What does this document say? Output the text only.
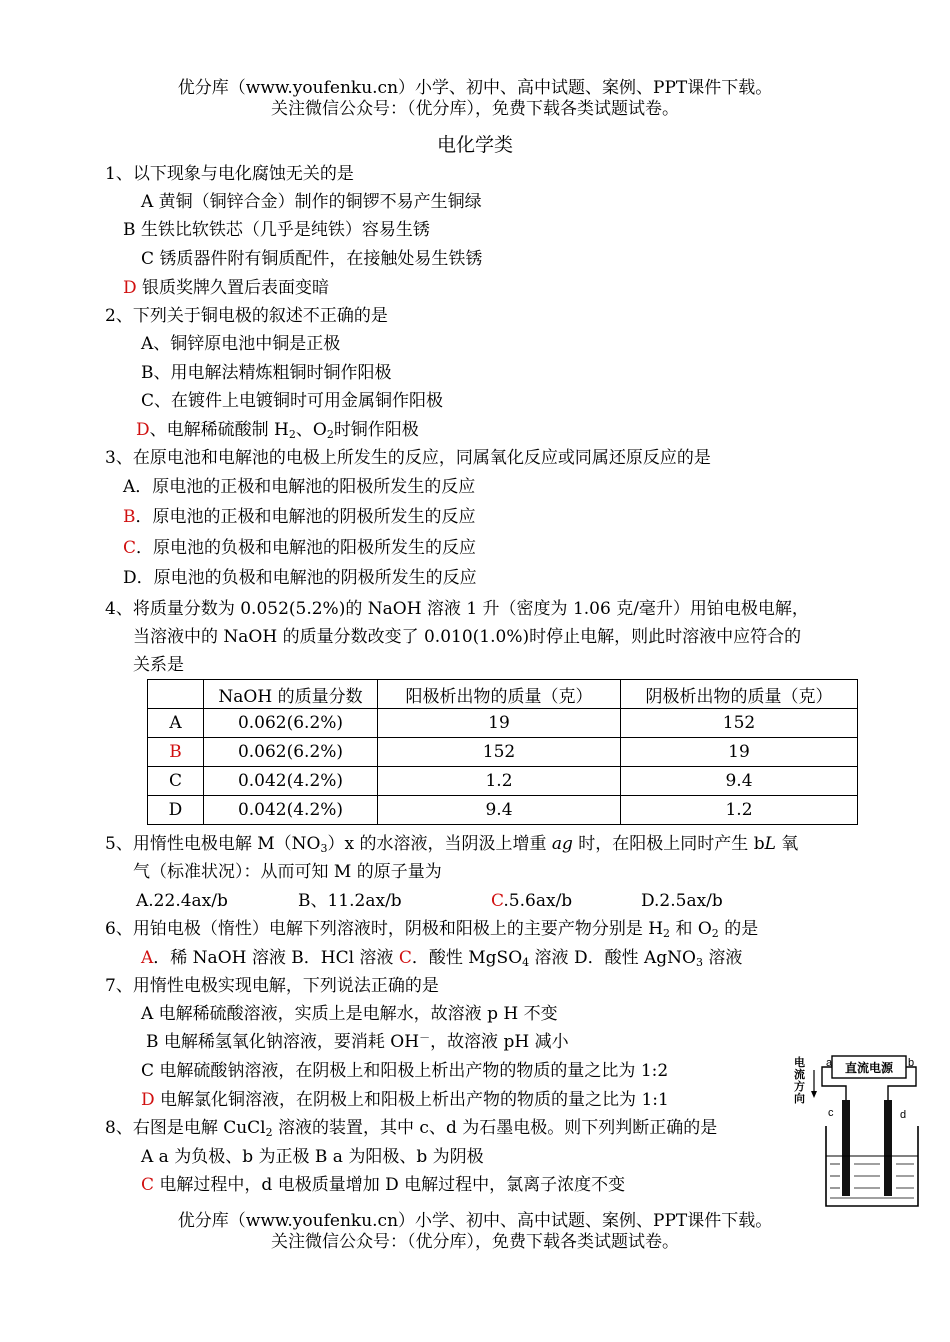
优分库（www.youfenku.cn）小学、初中、高中试题、案例、PPT课件下载。
关注微信公众号：（优分库），免费下载各类试题试卷。
电化学类
1、以下现象与电化腐蚀无关的是
A 黄铜（铜锌合金）制作的铜锣不易产生铜绿
B 生铁比软铁芯（几乎是纯铁）容易生锈
C 锈质器件附有铜质配件，在接触处易生铁锈
D 银质奖牌久置后表面变暗
2、下列关于铜电极的叙述不正确的是
A、铜锌原电池中铜是正极
B、用电解法精炼粗铜时铜作阳极
C、在镀件上电镀铜时可用金属铜作阳极
D、电解稀硫酸制 $H_2$、$O_2$时铜作阳极
3、在原电池和电解池的电极上所发生的反应，同属氧化反应或同属还原反应的是
A．原电池的正极和电解池的阳极所发生的反应
B．原电池的正极和电解池的阴极所发生的反应
C．原电池的负极和电解池的阳极所发生的反应
D．原电池的负极和电解池的阴极所发生的反应
4、将质量分数为 0.052(5.2%)的 NaOH 溶液 1 升（密度为 1.06 克/毫升）用铂电极电解，
当溶液中的 NaOH 的质量分数改变了 0.010(1.0%)时停止电解，则此时溶液中应符合的
关系是
	NaOH 的质量分数	阳极析出物的质量（克）	阴极析出物的质量（克）
A	0.062(6.2%)	19	152
B	0.062(6.2%)	152	19
C	0.042(4.2%)	1.2	9.4
D	0.042(4.2%)	9.4	1.2
5、用惰性电极电解 $M(NO_3)x$ 的水溶液，当阴汲上增重 ag 时，在阳极上同时产生 bL 氧
气（标准状况）：从而可知 M 的原子量为
A.22.4ax/b	B、11.2ax/b	C.5.6ax/b	D.2.5ax/b
6、用铂电极（惰性）电解下列溶液时，阴极和阳极上的主要产物分别是 $H_2$ 和 $O_2$ 的是
A．稀 NaOH 溶液 B．HCl 溶液 C．酸性 MgSO$_4$ 溶液 D．酸性 AgNO$_3$ 溶液
7、用惰性电极实现电解，下列说法正确的是
A 电解稀硫酸溶液，实质上是电解水，故溶液 p H 不变
B 电解稀氢氧化钠溶液，要消耗 OH－，故溶液 pH 减小
C 电解硫酸钠溶液，在阴极上和阳极上析出产物的物质的量之比为 1:2
D 电解氯化铜溶液，在阴极上和阳极上析出产物的物质的量之比为 1:1
8、右图是电解 CuCl$_2$ 溶液的装置，其中 c、d 为石墨电极。则下列判断正确的是
A a 为负极、b 为正极 B a 为阳极、b 为阴极
C 电解过程中，d 电极质量增加 D 电解过程中，氯离子浓度不变
电
流
方
向
直流电源
a	b
c	d
优分库（www.youfenku.cn）小学、初中、高中试题、案例、PPT课件下载。
关注微信公众号：（优分库），免费下载各类试题试卷。
